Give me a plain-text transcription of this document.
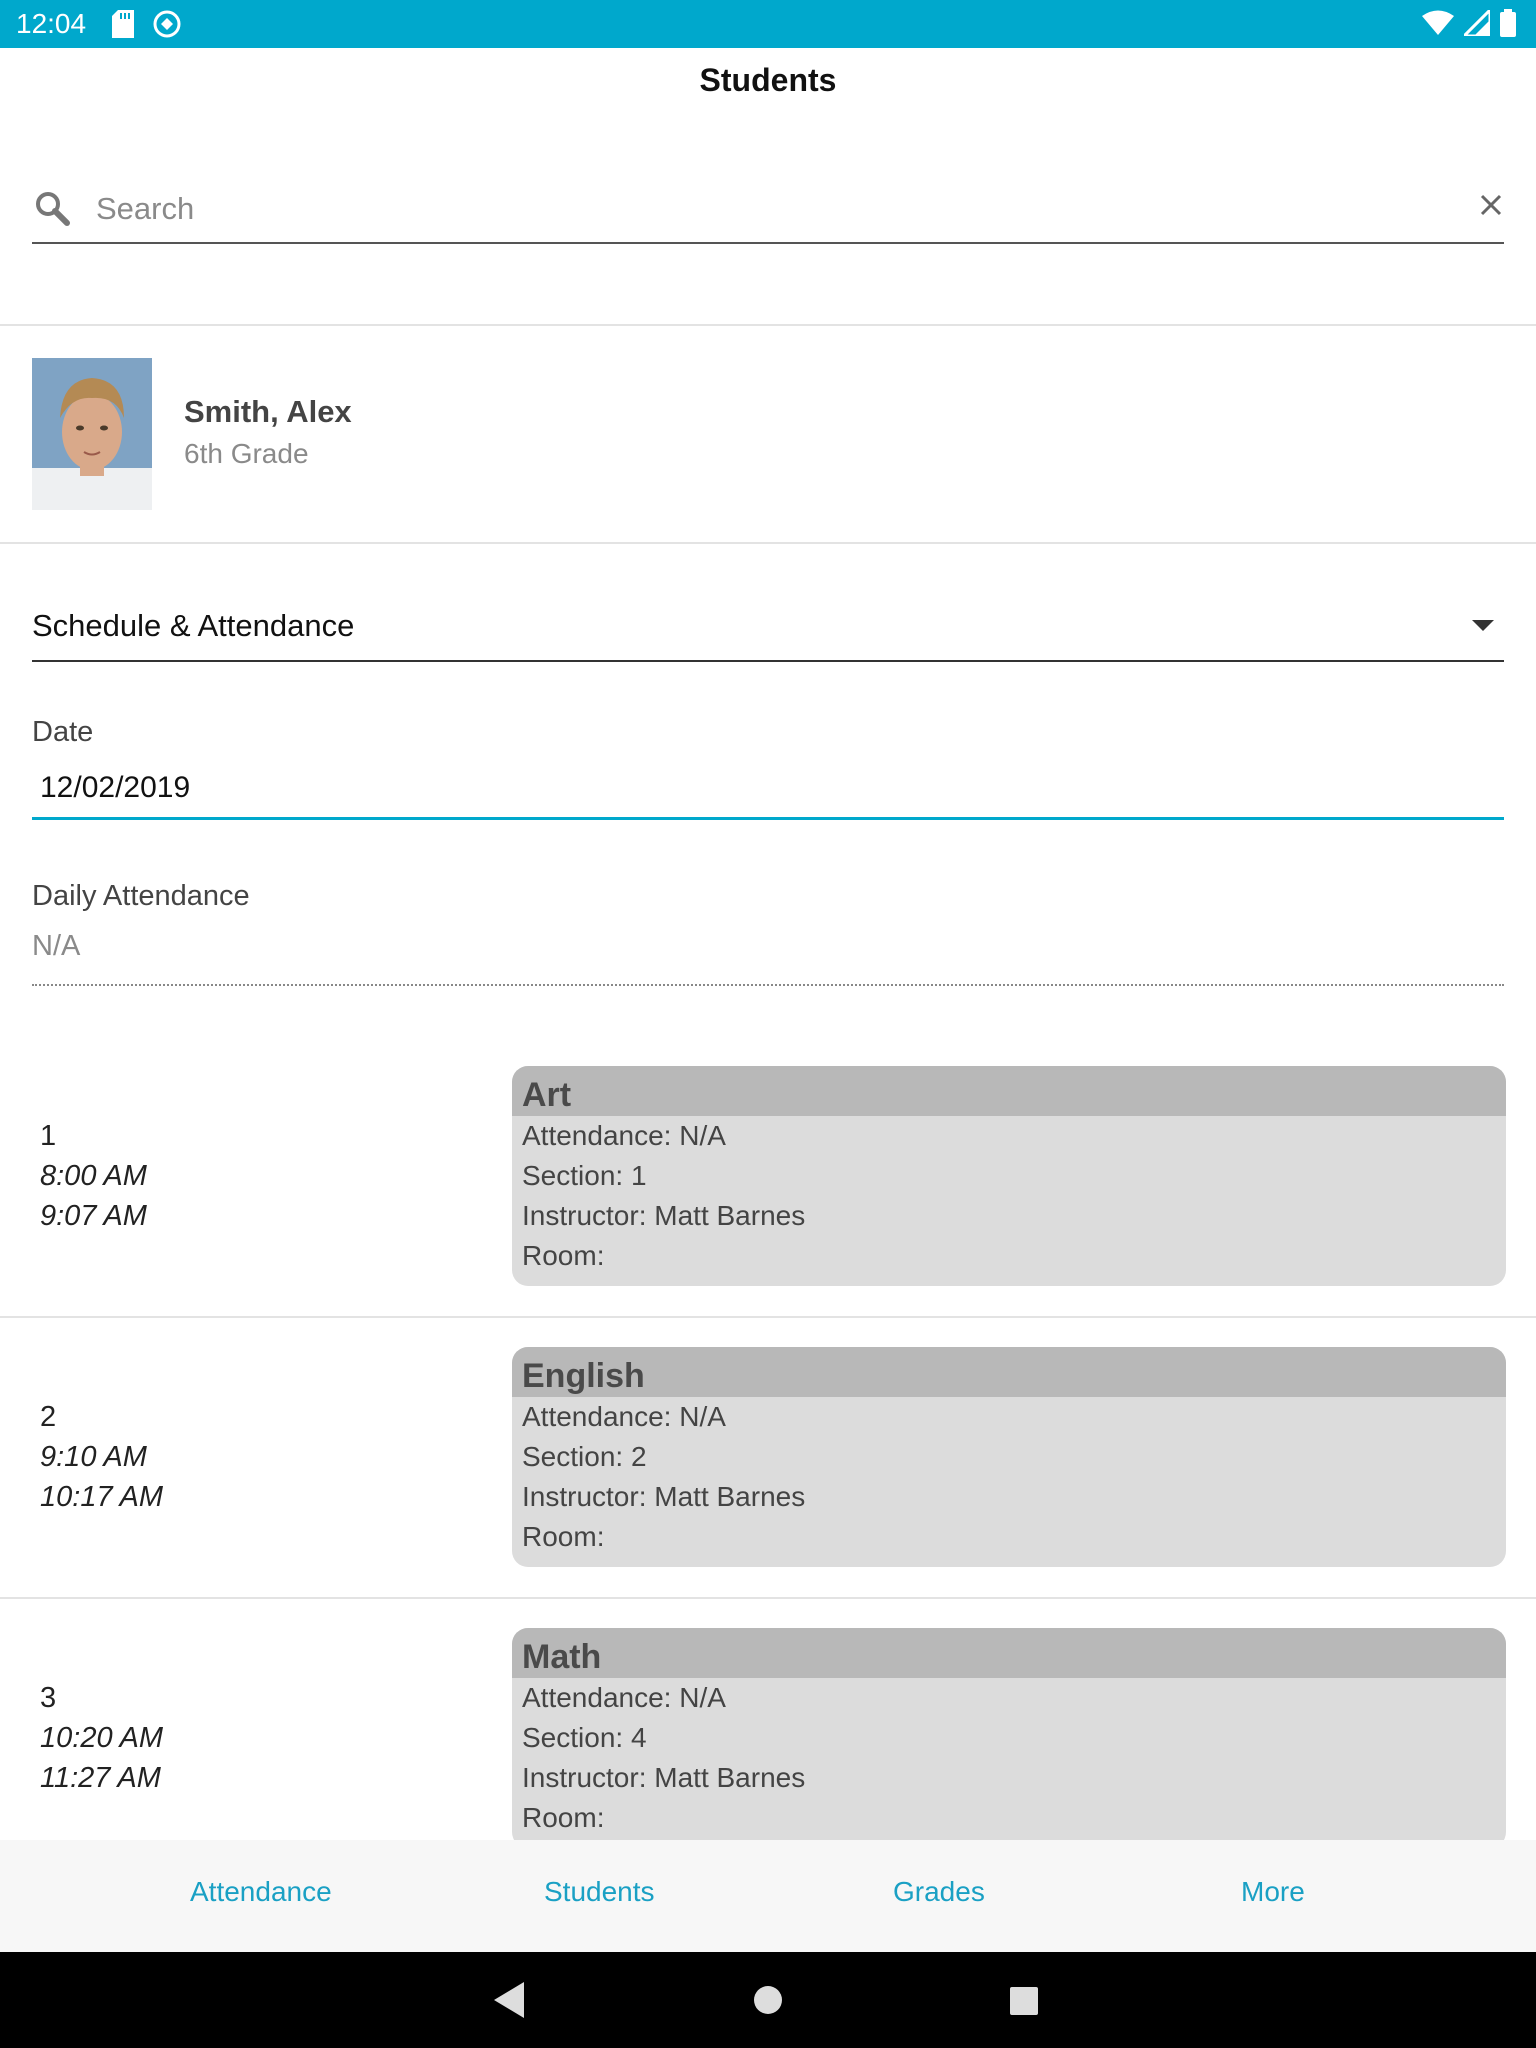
12:04
Students
Search
Smith, Alex
6th Grade
Schedule & Attendance
Date
12/02/2019
Daily Attendance
N/A
1
8:00 AM
9:07 AM
Art
Attendance: N/A
Section: 1
Instructor: Matt Barnes
Room:
2
9:10 AM
10:17 AM
English
Attendance: N/A
Section: 2
Instructor: Matt Barnes
Room:
3
10:20 AM
11:27 AM
Math
Attendance: N/A
Section: 4
Instructor: Matt Barnes
Room:
Attendance	Students	Grades	More
